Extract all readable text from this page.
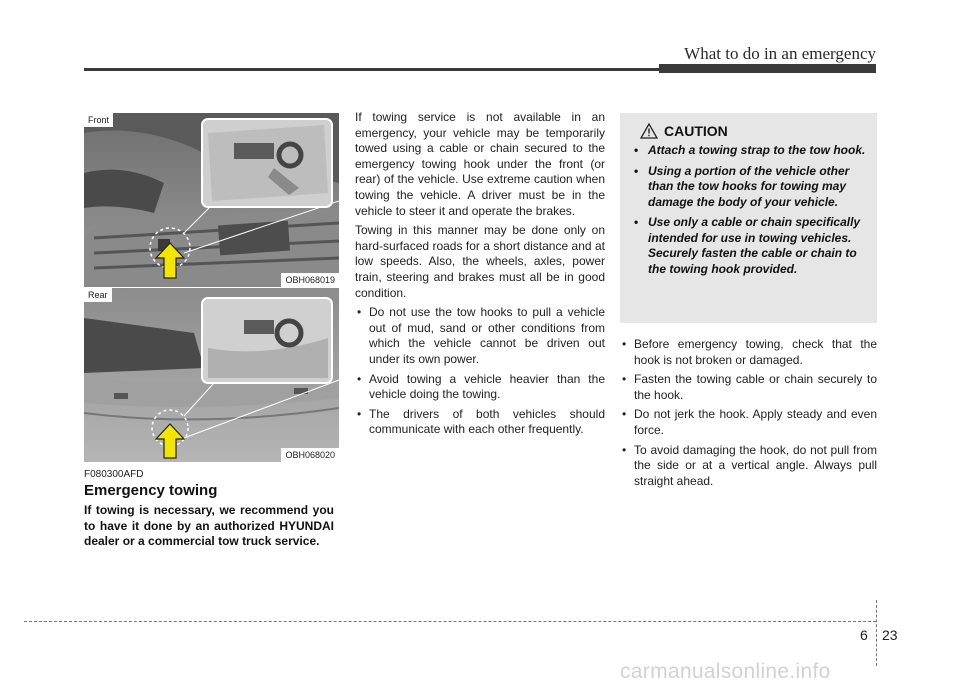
What to do in an emergency
Front
OBH068019
Rear
OBH068020
F080300AFD
Emergency towing
If towing is necessary, we recommend you to have it done by an authorized HYUNDAI dealer or a commercial tow truck service.

If towing service is not available in an emergency, your vehicle may be temporarily towed using a cable or chain secured to the emergency towing hook under the front (or rear) of the vehicle. Use extreme caution when towing the vehicle. A driver must be in the vehicle to steer it and operate the brakes.

Towing in this manner may be done only on hard-surfaced roads for a short distance and at low speeds. Also, the wheels, axles, power train, steering and brakes must all be in good condition.

• Do not use the tow hooks to pull a vehicle out of mud, sand or other conditions from which the vehicle cannot be driven out under its own power.
• Avoid towing a vehicle heavier than the vehicle doing the towing.
• The drivers of both vehicles should communicate with each other frequently.
CAUTION
• Attach a towing strap to the tow hook.
• Using a portion of the vehicle other than the tow hooks for towing may damage the body of your vehicle.
• Use only a cable or chain specifically intended for use in towing vehicles. Securely fasten the cable or chain to the towing hook provided.
• Before emergency towing, check that the hook is not broken or damaged.
• Fasten the towing cable or chain securely to the hook.
• Do not jerk the hook. Apply steady and even force.
• To avoid damaging the hook, do not pull from the side or at a vertical angle. Always pull straight ahead.
6 23
carmanualsonline.info
